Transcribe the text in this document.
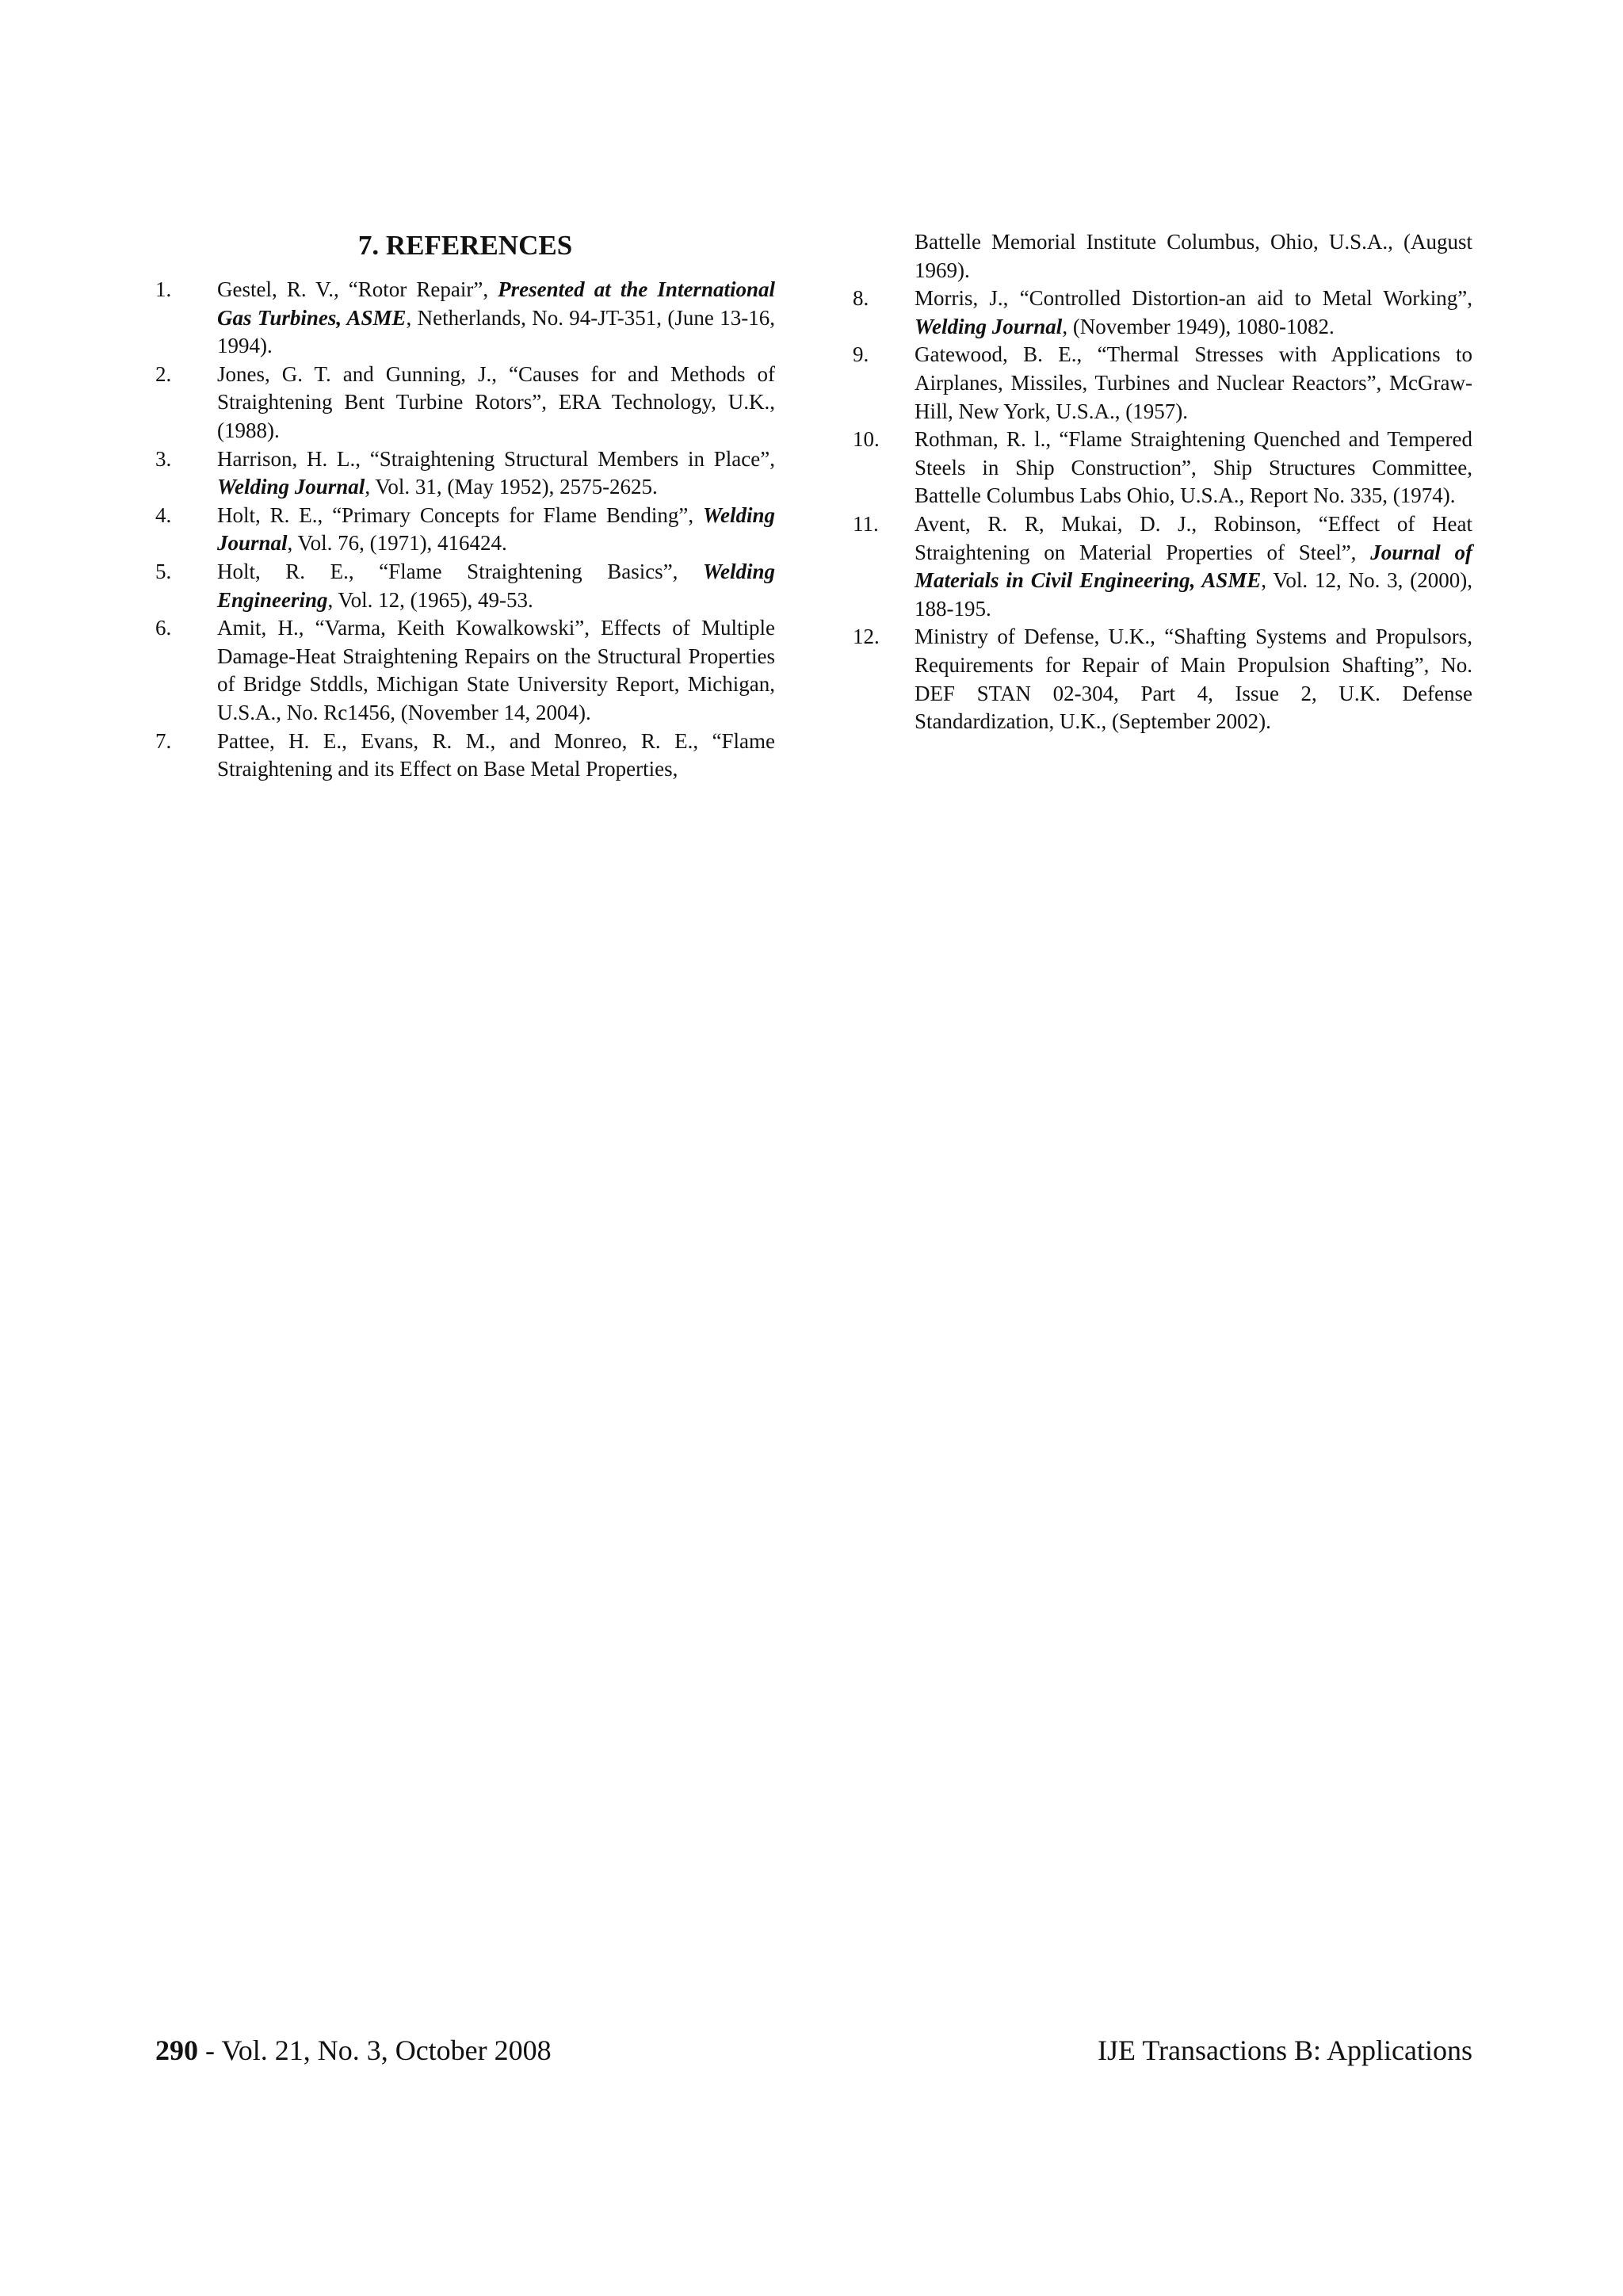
7. REFERENCES
1. Gestel, R. V., “Rotor Repair”, Presented at the International Gas Turbines, ASME, Netherlands, No. 94-JT-351, (June 13-16, 1994).
2. Jones, G. T. and Gunning, J., “Causes for and Methods of Straightening Bent Turbine Rotors”, ERA Technology, U.K., (1988).
3. Harrison, H. L., “Straightening Structural Members in Place”, Welding Journal, Vol. 31, (May 1952), 2575-2625.
4. Holt, R. E., “Primary Concepts for Flame Bending”, Welding Journal, Vol. 76, (1971), 416424.
5. Holt, R. E., “Flame Straightening Basics”, Welding Engineering, Vol. 12, (1965), 49-53.
6. Amit, H., “Varma, Keith Kowalkowski”, Effects of Multiple Damage-Heat Straightening Repairs on the Structural Properties of Bridge Stddls, Michigan State University Report, Michigan, U.S.A., No. Rc1456, (November 14, 2004).
7. Pattee, H. E., Evans, R. M., and Monreo, R. E., “Flame Straightening and its Effect on Base Metal Properties,
Battelle Memorial Institute Columbus, Ohio, U.S.A., (August 1969).
8. Morris, J., “Controlled Distortion-an aid to Metal Working”, Welding Journal, (November 1949), 1080-1082.
9. Gatewood, B. E., “Thermal Stresses with Applications to Airplanes, Missiles, Turbines and Nuclear Reactors”, McGraw-Hill, New York, U.S.A., (1957).
10. Rothman, R. l., “Flame Straightening Quenched and Tempered Steels in Ship Construction”, Ship Structures Committee, Battelle Columbus Labs Ohio, U.S.A., Report No. 335, (1974).
11. Avent, R. R, Mukai, D. J., Robinson, “Effect of Heat Straightening on Material Properties of Steel”, Journal of Materials in Civil Engineering, ASME, Vol. 12, No. 3, (2000), 188-195.
12. Ministry of Defense, U.K., “Shafting Systems and Propulsors, Requirements for Repair of Main Propulsion Shafting”, No. DEF STAN 02-304, Part 4, Issue 2, U.K. Defense Standardization, U.K., (September 2002).
290 - Vol. 21, No. 3, October 2008	IJE Transactions B: Applications
